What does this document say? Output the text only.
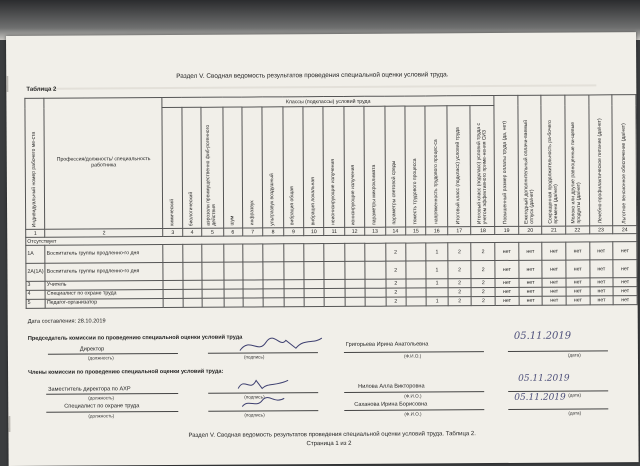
Раздел V. Сводная ведомость результатов проведения специальной оценки условий труда.
Таблица 2
Индивидуальный номер рабочего ме-ста	Профессия/должность/ специальность работника	Классы (подклассы) условий труда																Повышенный размер оплаты труда (да, нет)	Ежегодный дополнительный оплачи-ваемый отпуск (да/нет)	Сокращенная продолжительность ра-бочего времени (да/нет)	Молоко или другие равноценные пи-щевые продукты (да/нет)	Лечебно-профилактическое питание (да/нет)	Льготное пенсионное обеспечение (да/нет)

		химический	биологический	аэрозоли преимущественно фиб-рогенного действия	шум	инфразвук	ультразвук воздушный	вибрация общая	вибрация локальная	неионизирующие излучения	ионизирующие излучения	параметры микроклимата	параметры световой среды	тяжесть трудового процесса	напряженность трудового процес-са	Итоговый класс (подкласс) условий труда	Итоговый класс (подкласс) условий труда с учетом эффективного приме-нения СИЗ						

1	2	3	4	5	6	7	8	9	10	11	12	13	14	15	16	17	18	19	20	21	22	23	24
Отсутствует																							
1А	Воспитатель группы продленно-го дня												2		1	2	2	нет	нет	нет	нет	нет	нет
2А(1А)	Воспитатель группы продленно-го дня												2		1	2	2	нет	нет	нет	нет	нет	нет
3	Учитель												2		1	2	2	нет	нет	нет	нет	нет	нет
4	Специалист по охране труда												2			2	2	нет	нет	нет	нет	нет	нет
5	Педагог-организатор												2		1	2	2	нет	нет	нет	нет	нет	нет
Дата составления: 28.10.2019
Председатель комиссии по проведению специальной оценки условий труда
Директор
(должность)	(подпись)
Григорьева Ирина Анатольевна
(Ф.И.О.)
05.11.2019
(дата)
Члены комиссии по проведению специальной оценки условий труда:
Заместитель директора по АХР
(должность)	(подпись)
Нилова Алла Викторовна
(Ф.И.О.)
05.11.2019
(дата)
Специалист по охране труда
(должность)	(подпись)
Саханова Ирина Борисовна
(Ф.И.О.)
05.11.2019
(дата)
Раздел V. Сводная ведомость результатов проведения специальной оценки условий труда. Таблица 2.
Страница 1 из 2
